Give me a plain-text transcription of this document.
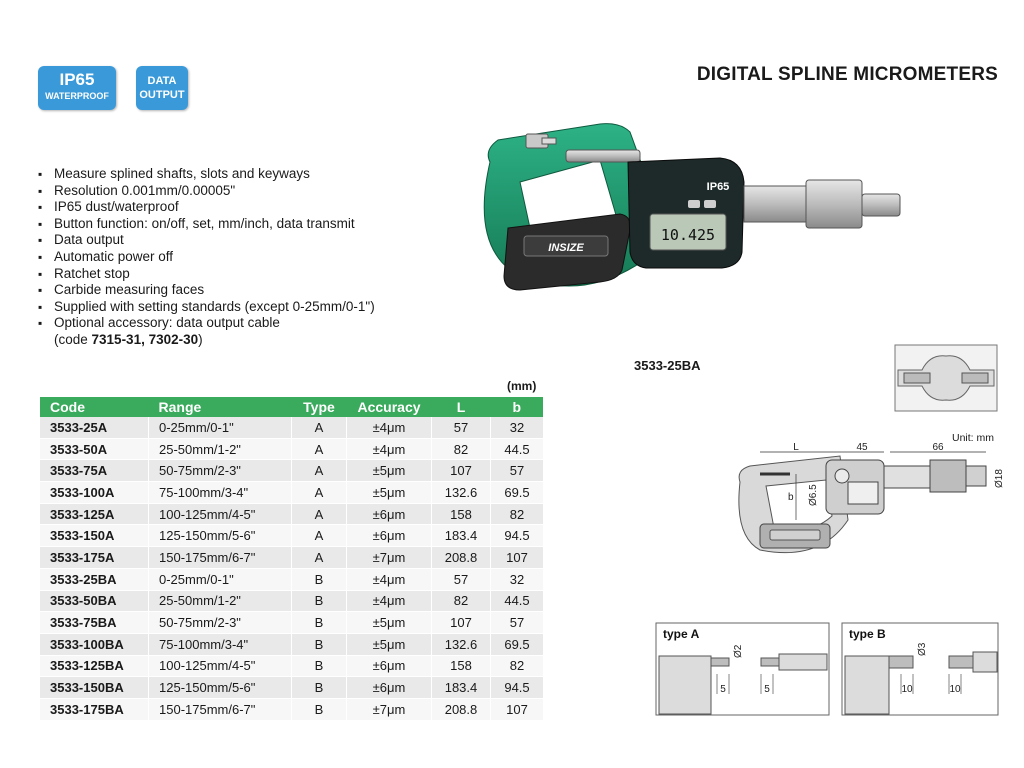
IP65
WATERPROOF
DATA
OUTPUT
DIGITAL SPLINE MICROMETERS
▪ Measure splined shafts, slots and keyways
▪ Resolution 0.001mm/0.00005"
▪ IP65 dust/waterproof
▪ Button function: on/off, set, mm/inch, data transmit
▪ Data output
▪ Automatic power off
▪ Ratchet stop
▪ Carbide measuring faces
▪ Supplied with setting standards (except 0-25mm/0-1")
▪ Optional accessory: data output cable
(code 7315-31, 7302-30)
INSIZE
IP65
10.425
3533-25BA
(mm)
Code	Range	Type	Accuracy	L	b
3533-25A	0-25mm/0-1"	A	±4μm	57	32
3533-50A	25-50mm/1-2"	A	±4μm	82	44.5
3533-75A	50-75mm/2-3"	A	±5μm	107	57
3533-100A	75-100mm/3-4"	A	±5μm	132.6	69.5
3533-125A	100-125mm/4-5"	A	±6μm	158	82
3533-150A	125-150mm/5-6"	A	±6μm	183.4	94.5
3533-175A	150-175mm/6-7"	A	±7μm	208.8	107
3533-25BA	0-25mm/0-1"	B	±4μm	57	32
3533-50BA	25-50mm/1-2"	B	±4μm	82	44.5
3533-75BA	50-75mm/2-3"	B	±5μm	107	57
3533-100BA	75-100mm/3-4"	B	±5μm	132.6	69.5
3533-125BA	100-125mm/4-5"	B	±6μm	158	82
3533-150BA	125-150mm/5-6"	B	±6μm	183.4	94.5
3533-175BA	150-175mm/6-7"	B	±7μm	208.8	107
Unit: mm
L	45	66
b Ø6.5
Ø18
type A
Ø2
5	5
type B
Ø3
10	10
